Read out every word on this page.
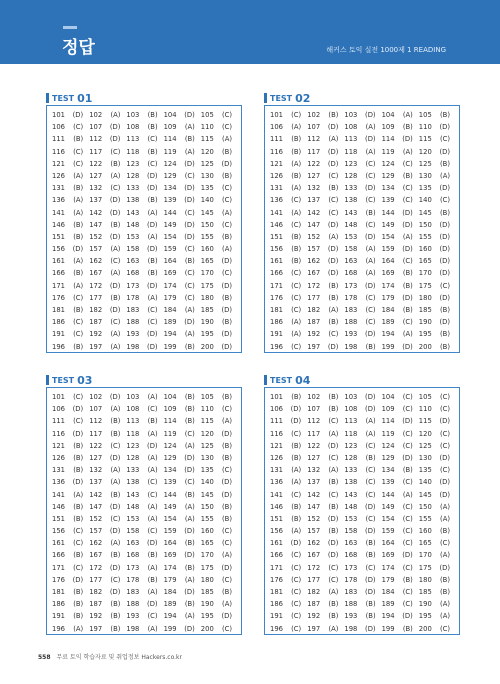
정답	해커스 토익 실전 1000제 1 READING
TEST 01
101 (D) 102 (A) 103 (B) 104 (D) 105 (C)
106 (C) 107 (D) 108 (B) 109 (A) 110 (C)
111 (B) 112 (D) 113 (C) 114 (B) 115 (A)
116 (C) 117 (C) 118 (B) 119 (A) 120 (B)
121 (C) 122 (B) 123 (C) 124 (D) 125 (D)
126 (A) 127 (A) 128 (D) 129 (C) 130 (B)
131 (B) 132 (C) 133 (D) 134 (D) 135 (C)
136 (A) 137 (D) 138 (B) 139 (D) 140 (C)
141 (A) 142 (D) 143 (A) 144 (C) 145 (A)
146 (B) 147 (B) 148 (D) 149 (D) 150 (C)
151 (B) 152 (D) 153 (A) 154 (D) 155 (B)
156 (D) 157 (A) 158 (D) 159 (C) 160 (A)
161 (A) 162 (C) 163 (B) 164 (B) 165 (D)
166 (B) 167 (A) 168 (B) 169 (C) 170 (C)
171 (A) 172 (D) 173 (D) 174 (C) 175 (D)
176 (C) 177 (B) 178 (A) 179 (C) 180 (B)
181 (B) 182 (D) 183 (C) 184 (A) 185 (D)
186 (C) 187 (C) 188 (C) 189 (D) 190 (B)
191 (C) 192 (A) 193 (D) 194 (A) 195 (D)
196 (B) 197 (A) 198 (D) 199 (B) 200 (D)
TEST 02
101 (C) 102 (B) 103 (D) 104 (A) 105 (B)
106 (A) 107 (D) 108 (A) 109 (B) 110 (D)
111 (B) 112 (A) 113 (D) 114 (D) 115 (C)
116 (B) 117 (D) 118 (A) 119 (A) 120 (D)
121 (A) 122 (D) 123 (C) 124 (C) 125 (B)
126 (B) 127 (C) 128 (C) 129 (B) 130 (A)
131 (A) 132 (B) 133 (D) 134 (C) 135 (D)
136 (C) 137 (C) 138 (C) 139 (C) 140 (C)
141 (A) 142 (C) 143 (B) 144 (D) 145 (B)
146 (C) 147 (D) 148 (C) 149 (D) 150 (D)
151 (B) 152 (A) 153 (D) 154 (A) 155 (D)
156 (B) 157 (D) 158 (A) 159 (D) 160 (D)
161 (B) 162 (D) 163 (A) 164 (C) 165 (D)
166 (C) 167 (D) 168 (A) 169 (B) 170 (D)
171 (C) 172 (B) 173 (D) 174 (B) 175 (C)
176 (C) 177 (B) 178 (C) 179 (D) 180 (D)
181 (C) 182 (A) 183 (C) 184 (B) 185 (B)
186 (A) 187 (B) 188 (C) 189 (C) 190 (D)
191 (A) 192 (C) 193 (D) 194 (A) 195 (B)
196 (C) 197 (D) 198 (B) 199 (D) 200 (B)
TEST 03
101 (C) 102 (D) 103 (A) 104 (B) 105 (B)
106 (D) 107 (A) 108 (C) 109 (B) 110 (C)
111 (C) 112 (B) 113 (B) 114 (B) 115 (A)
116 (D) 117 (B) 118 (A) 119 (C) 120 (D)
121 (B) 122 (C) 123 (D) 124 (A) 125 (B)
126 (B) 127 (D) 128 (A) 129 (D) 130 (B)
131 (B) 132 (A) 133 (A) 134 (D) 135 (C)
136 (D) 137 (A) 138 (C) 139 (C) 140 (D)
141 (A) 142 (B) 143 (C) 144 (B) 145 (D)
146 (B) 147 (D) 148 (A) 149 (A) 150 (B)
151 (B) 152 (C) 153 (A) 154 (A) 155 (B)
156 (C) 157 (D) 158 (C) 159 (D) 160 (C)
161 (C) 162 (A) 163 (D) 164 (B) 165 (C)
166 (B) 167 (B) 168 (B) 169 (D) 170 (A)
171 (C) 172 (D) 173 (A) 174 (B) 175 (D)
176 (D) 177 (C) 178 (B) 179 (A) 180 (C)
181 (B) 182 (D) 183 (A) 184 (D) 185 (B)
186 (B) 187 (B) 188 (D) 189 (B) 190 (A)
191 (B) 192 (B) 193 (C) 194 (A) 195 (D)
196 (A) 197 (B) 198 (A) 199 (D) 200 (C)
TEST 04
101 (B) 102 (B) 103 (D) 104 (C) 105 (C)
106 (D) 107 (B) 108 (D) 109 (C) 110 (C)
111 (D) 112 (C) 113 (A) 114 (D) 115 (D)
116 (C) 117 (A) 118 (A) 119 (C) 120 (C)
121 (B) 122 (D) 123 (C) 124 (C) 125 (C)
126 (B) 127 (C) 128 (B) 129 (D) 130 (D)
131 (A) 132 (A) 133 (C) 134 (B) 135 (C)
136 (A) 137 (B) 138 (C) 139 (C) 140 (D)
141 (C) 142 (C) 143 (C) 144 (A) 145 (D)
146 (B) 147 (B) 148 (D) 149 (C) 150 (A)
151 (B) 152 (D) 153 (C) 154 (C) 155 (A)
156 (A) 157 (B) 158 (D) 159 (C) 160 (B)
161 (D) 162 (D) 163 (B) 164 (C) 165 (C)
166 (C) 167 (D) 168 (B) 169 (D) 170 (A)
171 (C) 172 (C) 173 (C) 174 (C) 175 (D)
176 (C) 177 (C) 178 (D) 179 (B) 180 (B)
181 (C) 182 (A) 183 (D) 184 (C) 185 (B)
186 (C) 187 (B) 188 (B) 189 (C) 190 (A)
191 (C) 192 (B) 193 (B) 194 (D) 195 (A)
196 (C) 197 (A) 198 (D) 199 (B) 200 (C)
558 무료 토익 학습자료 및 취업정보 Hackers.co.kr
